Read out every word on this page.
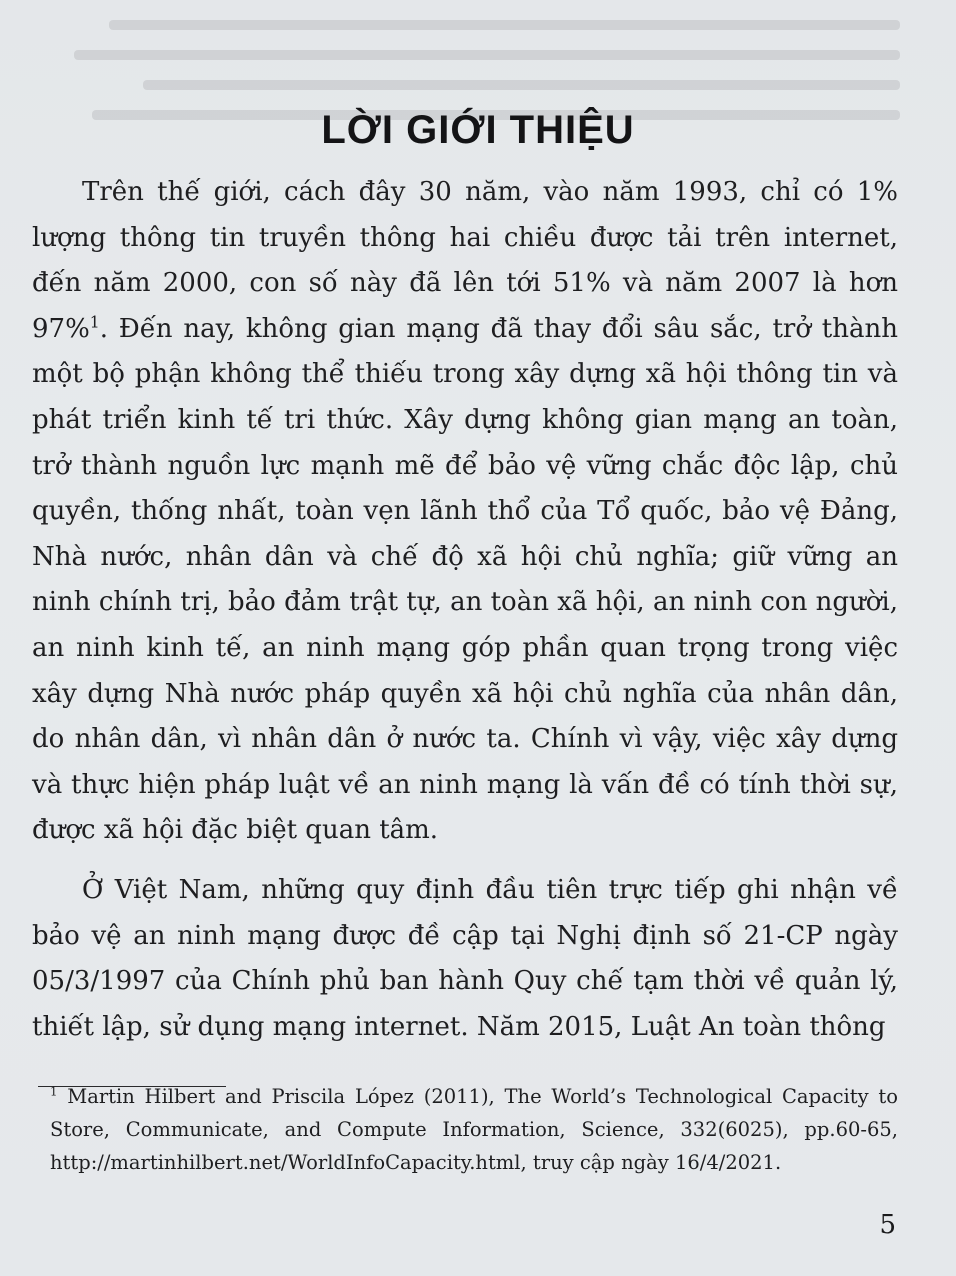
LỜI GIỚI THIỆU

Trên thế giới, cách đây 30 năm, vào năm 1993, chỉ có 1% lượng thông tin truyền thông hai chiều được tải trên internet, đến năm 2000, con số này đã lên tới 51% và năm 2007 là hơn 97%$^1$. Đến nay, không gian mạng đã thay đổi sâu sắc, trở thành một bộ phận không thể thiếu trong xây dựng xã hội thông tin và phát triển kinh tế tri thức. Xây dựng không gian mạng an toàn, trở thành nguồn lực mạnh mẽ để bảo vệ vững chắc độc lập, chủ quyền, thống nhất, toàn vẹn lãnh thổ của Tổ quốc, bảo vệ Đảng, Nhà nước, nhân dân và chế độ xã hội chủ nghĩa; giữ vững an ninh chính trị, bảo đảm trật tự, an toàn xã hội, an ninh con người, an ninh kinh tế, an ninh mạng góp phần quan trọng trong việc xây dựng Nhà nước pháp quyền xã hội chủ nghĩa của nhân dân, do nhân dân, vì nhân dân ở nước ta. Chính vì vậy, việc xây dựng và thực hiện pháp luật về an ninh mạng là vấn đề có tính thời sự, được xã hội đặc biệt quan tâm.

Ở Việt Nam, những quy định đầu tiên trực tiếp ghi nhận về bảo vệ an ninh mạng được đề cập tại Nghị định số 21-CP ngày 05/3/1997 của Chính phủ ban hành Quy chế tạm thời về quản lý, thiết lập, sử dụng mạng internet. Năm 2015, Luật An toàn thông

$^1$ Martin Hilbert and Priscila López (2011), The World’s Technological Capacity to Store, Communicate, and Compute Information, Science, 332(6025), pp.60-65, http://martinhilbert.net/WorldInfoCapacity.html, truy cập ngày 16/4/2021.
5
